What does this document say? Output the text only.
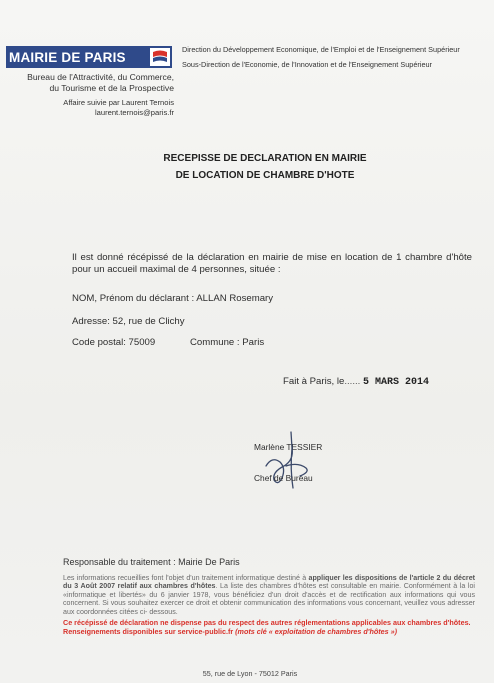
MAIRIE DE PARIS
Bureau de l'Attractivité, du Commerce,
du Tourisme et de la Prospective
Affaire suivie par Laurent Ternois
laurent.ternois@paris.fr
Direction du Développement Economique, de l'Emploi et de l'Enseignement Supérieur
Sous-Direction de l'Economie, de l'Innovation et de l'Enseignement Supérieur
RECEPISSE DE DECLARATION EN MAIRIE
DE LOCATION DE CHAMBRE D'HOTE
Il est donné récépissé de la déclaration en mairie de mise en location de 1 chambre d'hôte pour un accueil maximal de 4 personnes, située :
NOM, Prénom du déclarant : ALLAN Rosemary
Adresse: 52, rue de Clichy
Code postal: 75009	Commune : Paris
Fait à Paris, le...... 5 MARS 2014
Marlène TESSIER
Chef de Bureau
Responsable du traitement : Mairie De Paris
Les informations recueillies font l'objet d'un traitement informatique destiné à appliquer les dispositions de l'article 2 du décret du 3 Août 2007 relatif aux chambres d'hôtes. La liste des chambres d'hôtes est consultable en mairie. Conformément à la loi «informatique et libertés» du 6 janvier 1978, vous bénéficiez d'un droit d'accès et de rectification aux informations qui vous concernent. Si vous souhaitez exercer ce droit et obtenir communication des informations vous concernant, veuillez vous adresser aux coordonnées citées ci- dessous.
Ce récépissé de déclaration ne dispense pas du respect des autres réglementations applicables aux chambres d'hôtes. Renseignements disponibles sur service-public.fr (mots clé « exploitation de chambres d'hôtes »)
55, rue de Lyon - 75012 Paris
